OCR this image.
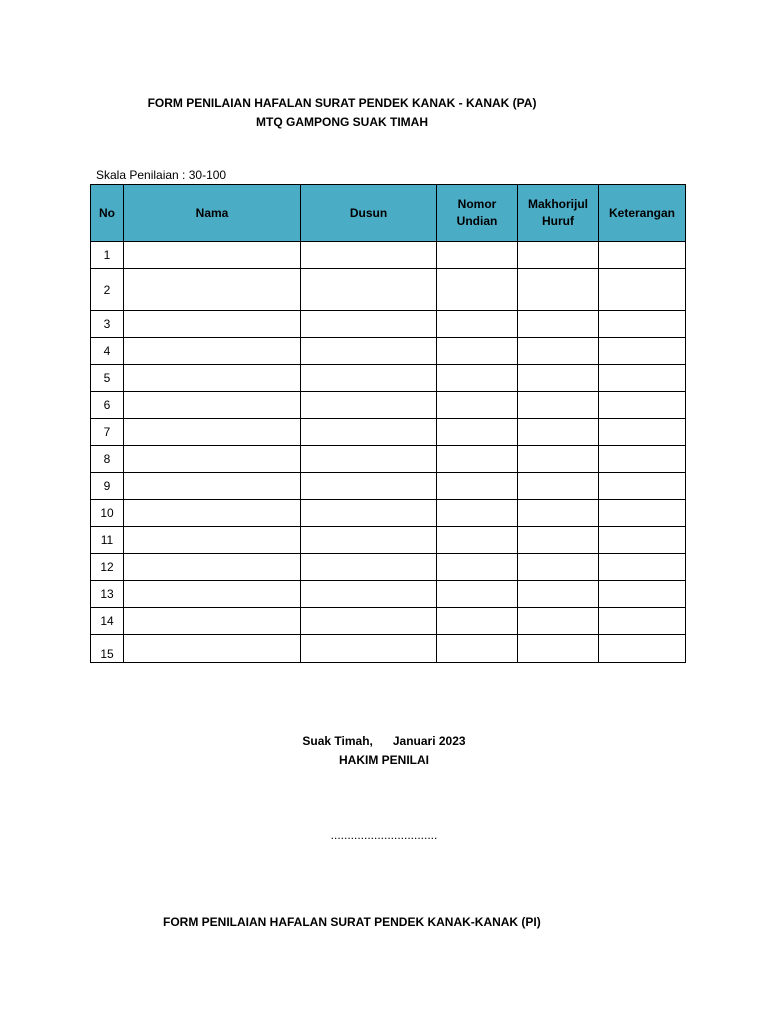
FORM PENILAIAN HAFALAN SURAT PENDEK KANAK - KANAK (PA)
MTQ GAMPONG SUAK TIMAH
Skala Penilaian : 30-100
No	Nama	Dusun	Nomor Undian	Makhorijul Huruf	Keterangan
1					
2					
3					
4					
5					
6					
7					
8					
9					
10					
11					
12					
13					
14					
15					
Suak Timah,      Januari 2023
HAKIM PENILAI
................................
FORM PENILAIAN HAFALAN SURAT PENDEK KANAK-KANAK (PI)
